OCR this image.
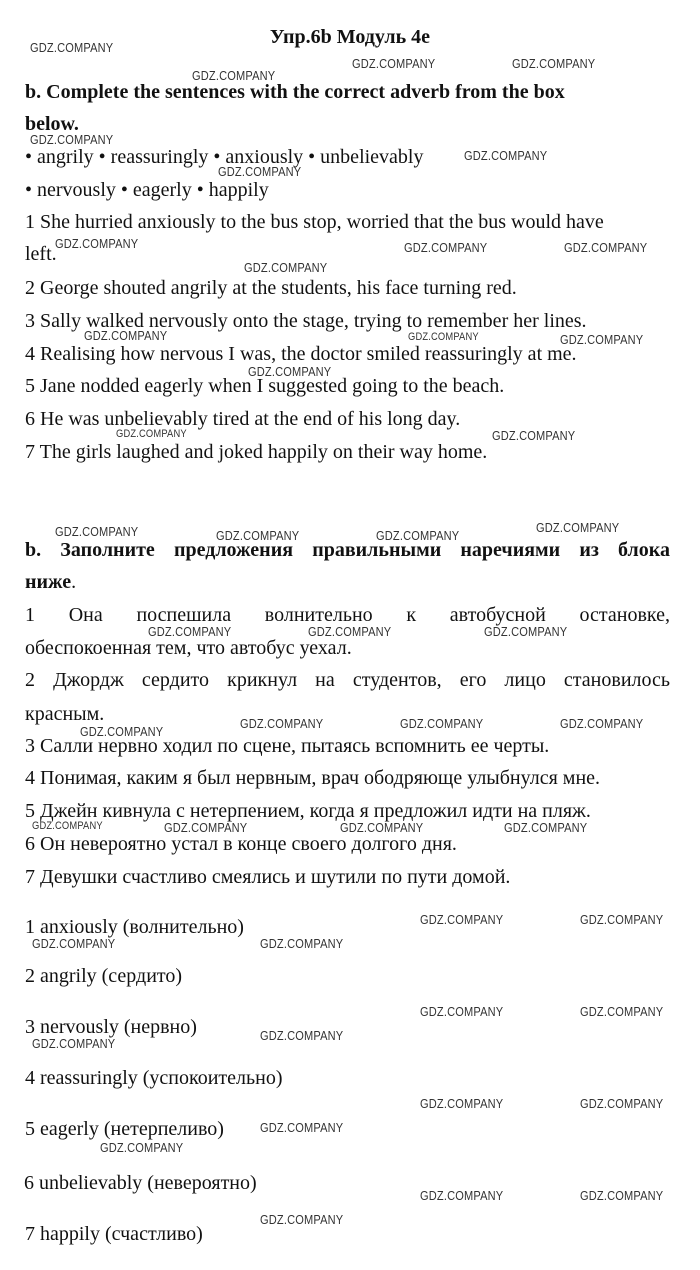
Упр.6b Модуль 4е
b. Complete the sentences with the correct adverb from the box
below.
• angrily • reassuringly • anxiously • unbelievably
• nervously • eagerly • happily
1 She hurried anxiously to the bus stop, worried that the bus would have
left.
2 George shouted angrily at the students, his face turning red.
3 Sally walked nervously onto the stage, trying to remember her lines.
4 Realising how nervous I was, the doctor smiled reassuringly at me.
5 Jane nodded eagerly when I suggested going to the beach.
6 He was unbelievably tired at the end of his long day.
7 The girls laughed and joked happily on their way home.
b. Заполните предложения правильными наречиями из блока
ниже.
1 Она поспешила волнительно к автобусной остановке,
обеспокоенная тем, что автобус уехал.
2 Джордж сердито крикнул на студентов, его лицо становилось
красным.
3 Салли нервно ходил по сцене, пытаясь вспомнить ее черты.
4 Понимая, каким я был нервным, врач ободряюще улыбнулся мне.
5 Джейн кивнула с нетерпением, когда я предложил идти на пляж.
6 Он невероятно устал в конце своего долгого дня.
7 Девушки счастливо смеялись и шутили по пути домой.
1 anxiously (волнительно)
2 angrily (сердито)
3 nervously (нервно)
4 reassuringly (успокоительно)
5 eagerly (нетерпеливо)
6 unbelievably (невероятно)
7 happily (счастливо)
GDZ.COMPANY
GDZ.COMPANY
GDZ.COMPANY	GDZ.COMPANY
GDZ.COMPANY
GDZ.COMPANY
GDZ.COMPANY
GDZ.COMPANY	GDZ.COMPANY	GDZ.COMPANY
GDZ.COMPANY
GDZ.COMPANY	GDZ.COMPANY	GDZ.COMPANY
GDZ.COMPANY
GDZ.COMPANY	GDZ.COMPANY
GDZ.COMPANY	GDZ.COMPANY	GDZ.COMPANY
GDZ.COMPANY
GDZ.COMPANY	GDZ.COMPANY	GDZ.COMPANY
GDZ.COMPANY
GDZ.COMPANY	GDZ.COMPANY	GDZ.COMPANY
GDZ.COMPANY	GDZ.COMPANY	GDZ.COMPANY	GDZ.COMPANY
GDZ.COMPANY	GDZ.COMPANY
GDZ.COMPANY	GDZ.COMPANY
GDZ.COMPANY	GDZ.COMPANY
GDZ.COMPANY
GDZ.COMPANY
GDZ.COMPANY	GDZ.COMPANY
GDZ.COMPANY
GDZ.COMPANY
GDZ.COMPANY	GDZ.COMPANY
GDZ.COMPANY
